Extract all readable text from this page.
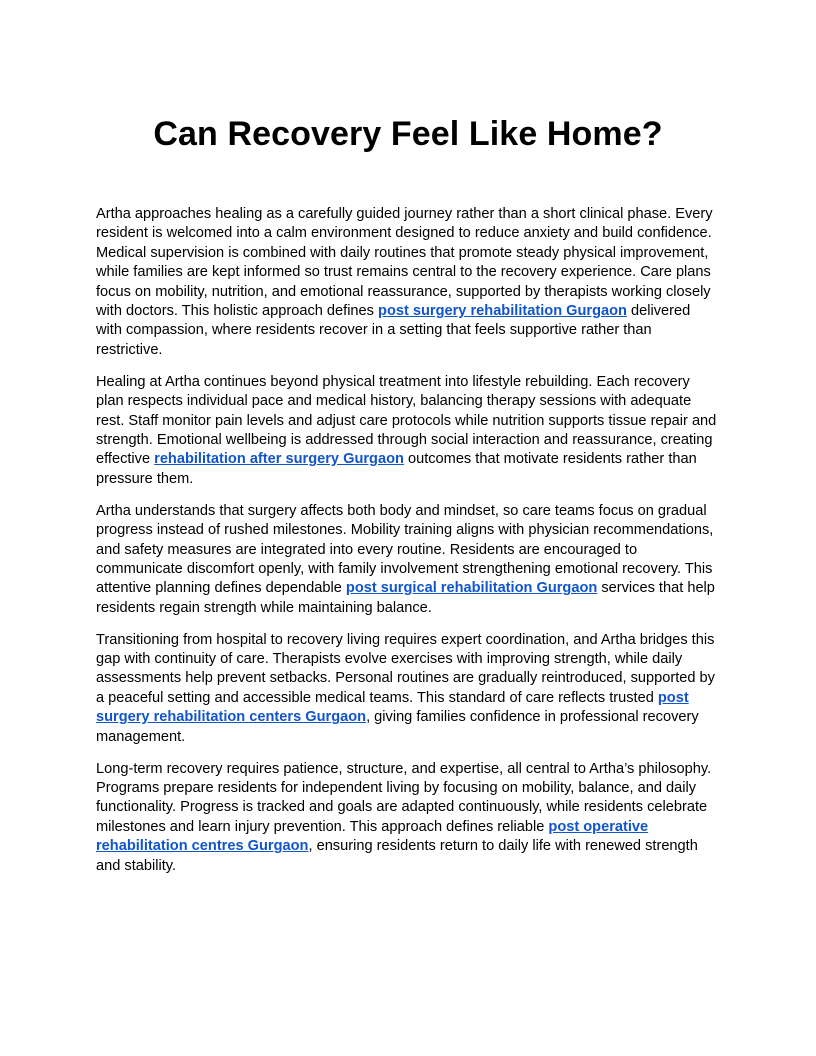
Can Recovery Feel Like Home?

Artha approaches healing as a carefully guided journey rather than a short clinical phase. Every resident is welcomed into a calm environment designed to reduce anxiety and build confidence. Medical supervision is combined with daily routines that promote steady physical improvement, while families are kept informed so trust remains central to the recovery experience. Care plans focus on mobility, nutrition, and emotional reassurance, supported by therapists working closely with doctors. This holistic approach defines post surgery rehabilitation Gurgaon delivered with compassion, where residents recover in a setting that feels supportive rather than restrictive.

Healing at Artha continues beyond physical treatment into lifestyle rebuilding. Each recovery plan respects individual pace and medical history, balancing therapy sessions with adequate rest. Staff monitor pain levels and adjust care protocols while nutrition supports tissue repair and strength. Emotional wellbeing is addressed through social interaction and reassurance, creating effective rehabilitation after surgery Gurgaon outcomes that motivate residents rather than pressure them.

Artha understands that surgery affects both body and mindset, so care teams focus on gradual progress instead of rushed milestones. Mobility training aligns with physician recommendations, and safety measures are integrated into every routine. Residents are encouraged to communicate discomfort openly, with family involvement strengthening emotional recovery. This attentive planning defines dependable post surgical rehabilitation Gurgaon services that help residents regain strength while maintaining balance.

Transitioning from hospital to recovery living requires expert coordination, and Artha bridges this gap with continuity of care. Therapists evolve exercises with improving strength, while daily assessments help prevent setbacks. Personal routines are gradually reintroduced, supported by a peaceful setting and accessible medical teams. This standard of care reflects trusted post surgery rehabilitation centers Gurgaon, giving families confidence in professional recovery management.

Long-term recovery requires patience, structure, and expertise, all central to Artha’s philosophy. Programs prepare residents for independent living by focusing on mobility, balance, and daily functionality. Progress is tracked and goals are adapted continuously, while residents celebrate milestones and learn injury prevention. This approach defines reliable post operative rehabilitation centres Gurgaon, ensuring residents return to daily life with renewed strength and stability.
